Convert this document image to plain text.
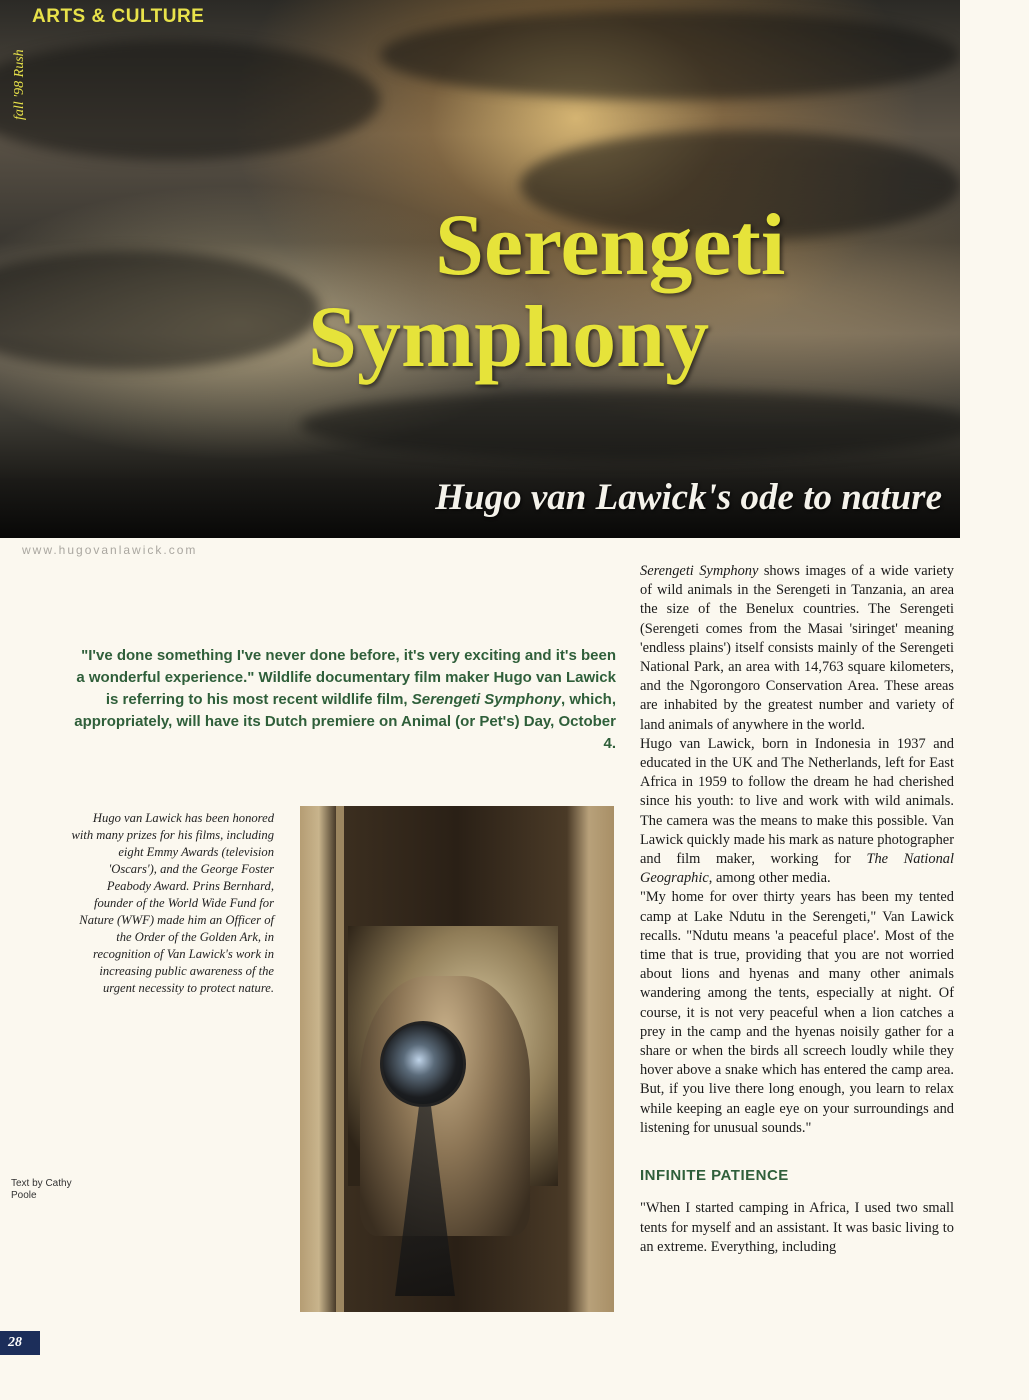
ARTS & CULTURE
fall '98 Rush
Serengeti
Symphony
Hugo van Lawick's ode to nature
www.hugovanlawick.com
"I've done something I've never done before, it's very exciting and it's been a wonderful experience." Wildlife documentary film maker Hugo van Lawick is referring to his most recent wildlife film, Serengeti Symphony, which, appropriately, will have its Dutch premiere on Animal (or Pet's) Day, October 4.
Hugo van Lawick has been honored with many prizes for his films, including eight Emmy Awards (television 'Oscars'), and the George Foster Peabody Award. Prins Bernhard, founder of the World Wide Fund for Nature (WWF) made him an Officer of the Order of the Golden Ark, in recognition of Van Lawick's work in increasing public awareness of the urgent necessity to protect nature.
Text by Cathy Poole
28

Serengeti Symphony shows images of a wide variety of wild animals in the Serengeti in Tanzania, an area the size of the Benelux countries. The Serengeti (Serengeti comes from the Masai 'siringet' meaning 'endless plains') itself consists mainly of the Serengeti National Park, an area with 14,763 square kilometers, and the Ngorongoro Conservation Area. These areas are inhabited by the greatest number and variety of land animals of anywhere in the world.

Hugo van Lawick, born in Indonesia in 1937 and educated in the UK and The Netherlands, left for East Africa in 1959 to follow the dream he had cherished since his youth: to live and work with wild animals. The camera was the means to make this possible. Van Lawick quickly made his mark as nature photographer and film maker, working for The National Geographic, among other media.

"My home for over thirty years has been my tented camp at Lake Ndutu in the Serengeti," Van Lawick recalls. "Ndutu means 'a peaceful place'. Most of the time that is true, providing that you are not worried about lions and hyenas and many other animals wandering among the tents, especially at night. Of course, it is not very peaceful when a lion catches a prey in the camp and the hyenas noisily gather for a share or when the birds all screech loudly while they hover above a snake which has entered the camp area. But, if you live there long enough, you learn to relax while keeping an eagle eye on your surroundings and listening for unusual sounds."

INFINITE PATIENCE

"When I started camping in Africa, I used two small tents for myself and an assistant. It was basic living to an extreme. Everything, including
